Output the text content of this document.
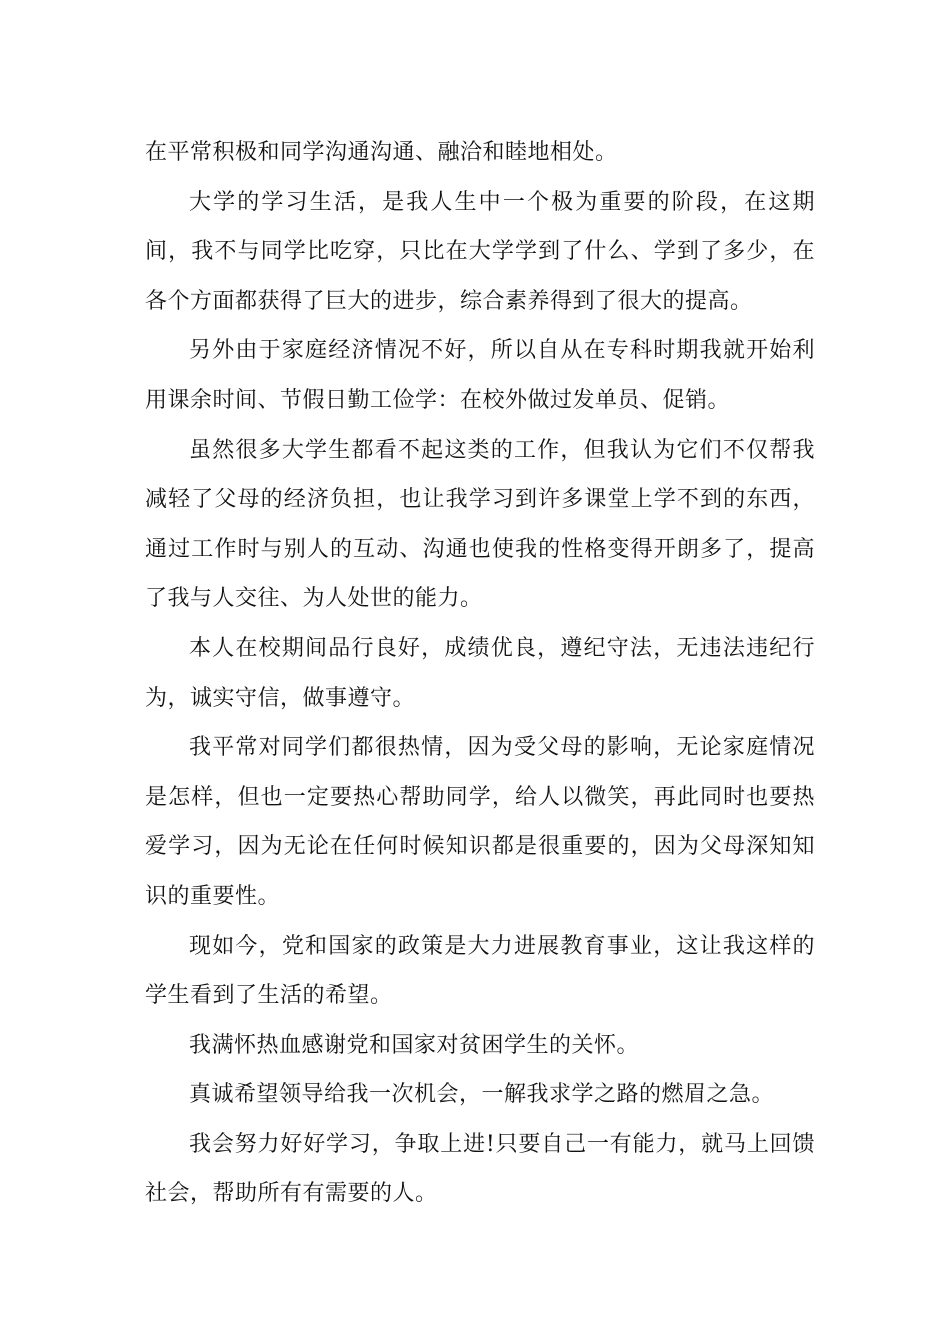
在平常积极和同学沟通沟通、融洽和睦地相处。

大学的学习生活，是我人生中一个极为重要的阶段，在这期间，我不与同学比吃穿，只比在大学学到了什么、学到了多少，在各个方面都获得了巨大的进步，综合素养得到了很大的提高。

另外由于家庭经济情况不好，所以自从在专科时期我就开始利用课余时间、节假日勤工俭学：在校外做过发单员、促销。

虽然很多大学生都看不起这类的工作，但我认为它们不仅帮我减轻了父母的经济负担，也让我学习到许多课堂上学不到的东西，通过工作时与别人的互动、沟通也使我的性格变得开朗多了，提高了我与人交往、为人处世的能力。

本人在校期间品行良好，成绩优良，遵纪守法，无违法违纪行为，诚实守信，做事遵守。

我平常对同学们都很热情，因为受父母的影响，无论家庭情况是怎样，但也一定要热心帮助同学，给人以微笑，再此同时也要热爱学习，因为无论在任何时候知识都是很重要的，因为父母深知知识的重要性。

现如今，党和国家的政策是大力进展教育事业，这让我这样的学生看到了生活的希望。

我满怀热血感谢党和国家对贫困学生的关怀。

真诚希望领导给我一次机会，一解我求学之路的燃眉之急。

我会努力好好学习，争取上进!只要自己一有能力，就马上回馈社会，帮助所有有需要的人。
